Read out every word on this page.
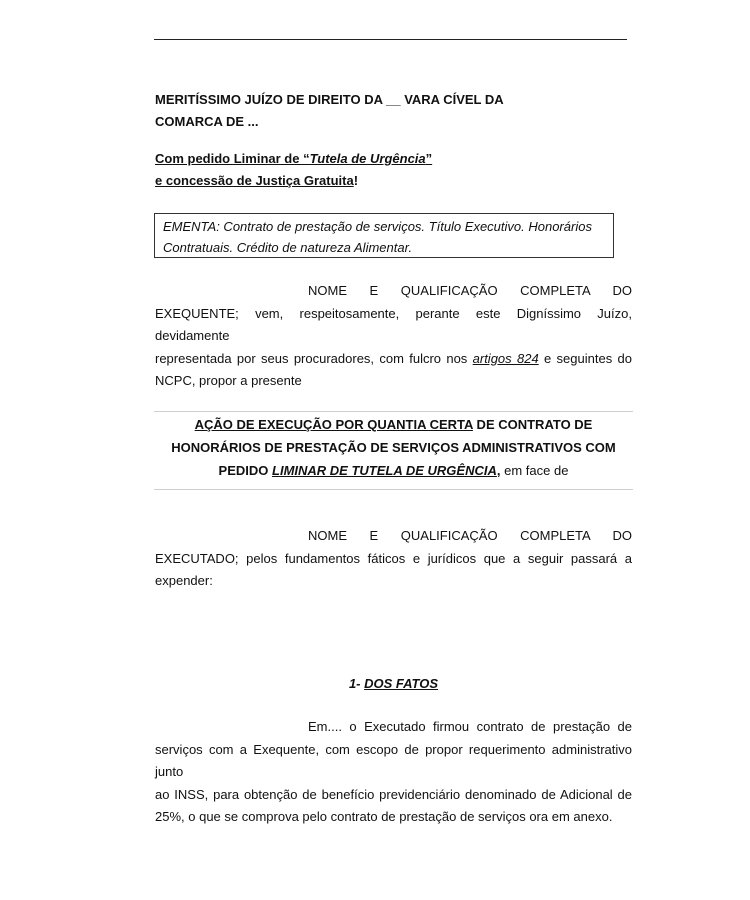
MERITÍSSIMO JUÍZO DE DIREITO DA __ VARA CÍVEL DA
COMARCA DE ...
Com pedido Liminar de “Tutela de Urgência”
e concessão de Justiça Gratuita!
EMENTA: Contrato de prestação de serviços. Título Executivo. Honorários Contratuais. Crédito de natureza Alimentar.
NOME E QUALIFICAÇÃO COMPLETA DO
EXEQUENTE; vem, respeitosamente, perante este Digníssimo Juízo, devidamente
representada por seus procuradores, com fulcro nos artigos 824 e seguintes do
NCPC, propor a presente
AÇÃO DE EXECUÇÃO POR QUANTIA CERTA DE CONTRATO DE
HONORÁRIOS DE PRESTAÇÃO DE SERVIÇOS ADMINISTRATIVOS COM
PEDIDO LIMINAR DE TUTELA DE URGÊNCIA, em face de
NOME E QUALIFICAÇÃO COMPLETA DO
EXECUTADO; pelos fundamentos fáticos e jurídicos que a seguir passará a
expender:
1- DOS FATOS
Em.... o Executado firmou contrato de prestação de
serviços com a Exequente, com escopo de propor requerimento administrativo junto
ao INSS, para obtenção de benefício previdenciário denominado de Adicional de
25%, o que se comprova pelo contrato de prestação de serviços ora em anexo.
